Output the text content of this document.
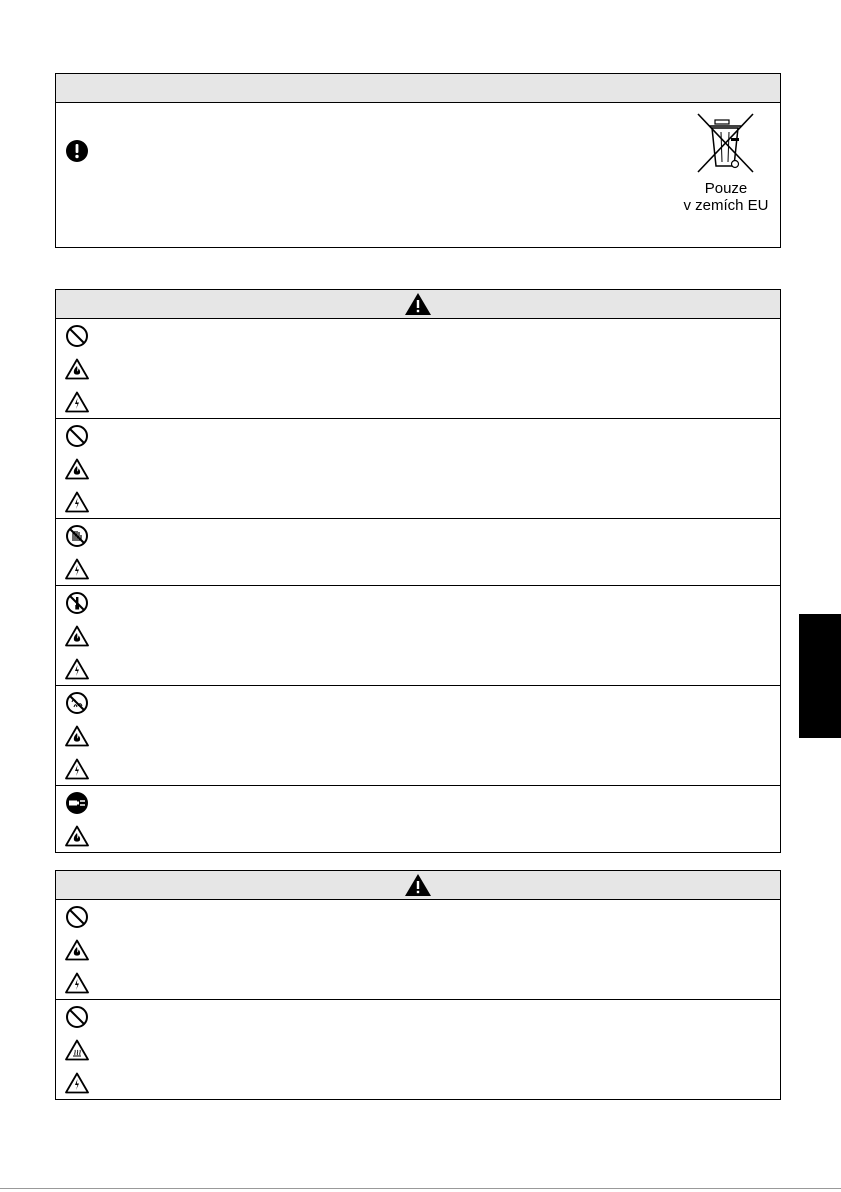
Pouze
v zemích EU
